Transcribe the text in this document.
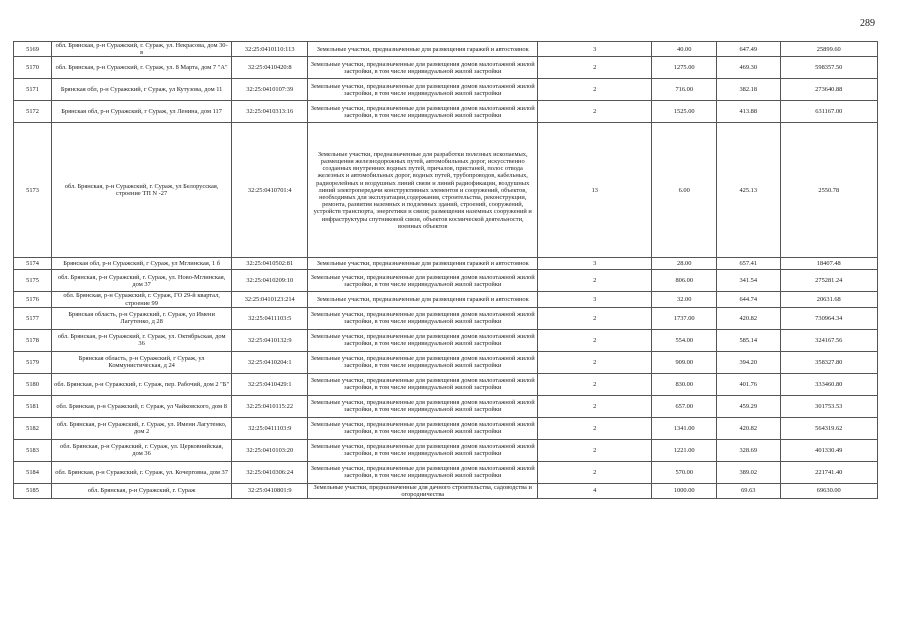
289
5169	обл. Брянская, р-н Суражский, г. Сураж, ул. Некрасова, дом 30-в	32:25:0410110:113	Земельные участки, предназначенные для размещения гаражей и автостоянок	3	40.00	647.49	25899.60
5170	обл. Брянская, р-н Суражский, г. Сураж, ул. 8 Марта, дом 7 "А"	32:25:0410420:8	Земельные участки, предназначенные для размещения домов малоэтажной жилой застройки, в том числе индивидуальной жилой застройки	2	1275.00	469.30	598357.50
5171	Брянская обл, р-н Суражский, г Сураж, ул Кутузова, дом 11	32:25:0410107:39	Земельные участки, предназначенные для размещения домов малоэтажной жилой застройки, в том числе индивидуальной жилой застройки	2	716.00	382.18	273640.88
5172	Брянская обл, р-н Суражский, г Сураж, ул Ленина, дом 117	32:25:0410313:16	Земельные участки, предназначенные для размещения домов малоэтажной жилой застройки, в том числе индивидуальной жилой застройки	2	1525.00	413.88	631167.00
5173	обл. Брянская, р-н Суражский, г. Сураж, ул Белорусская, строение ТП N -27	32:25:0410701:4	Земельные участки, предназначенные для разработки полезных ископаемых, размещения железнодорожных путей, автомобильных дорог, искусственно созданных внутренних водных путей, причалов, пристаней, полос отвода железных и автомобильных дорог, водных путей, трубопроводов, кабельных, радиорелейных и воздушных линий связи и линий радиофикации, воздушных линий электропередачи конструктивных элементов и сооружений, объектов, необходимых для эксплуатации,содержания, строительства, реконструкции, ремонта, развития наземных и подземных зданий, строений, сооружений, устройств транспорта, энергетики и связи; размещения наземных сооружений и инфраструктуры спутниковой связи, объектов космической деятельности, военных объектов	13	6.00	425.13	2550.78
5174	Брянская обл, р-н Суражский, г Сураж, ул Мглинская, 1 б	32:25:0410502:81	Земельные участки, предназначенные для размещения гаражей и автостоянок	3	28.00	657.41	18407.48
5175	обл. Брянская, р-н Суражский, г. Сураж, ул. Ново-Мглинская, дом 37	32:25:0410209:10	Земельные участки, предназначенные для размещения домов малоэтажной жилой застройки, в том числе индивидуальной жилой застройки	2	806.00	341.54	275281.24
5176	обл. Брянская, р-н Суражский, г. Сураж, ГО 29-й квартал, строение 99	32:25:0410123:214	Земельные участки, предназначенные для размещения гаражей и автостоянок	3	32.00	644.74	20631.68
5177	Брянская область, р-н Суражский, г. Сураж, ул Имени Лагутенко, д 28	32:25:0411103:5	Земельные участки, предназначенные для размещения домов малоэтажной жилой застройки, в том числе индивидуальной жилой застройки	2	1737.00	420.82	730964.34
5178	обл. Брянская, р-н Суражский, г. Сураж, ул. Октябрьская, дом 36	32:25:0410132:9	Земельные участки, предназначенные для размещения домов малоэтажной жилой застройки, в том числе индивидуальной жилой застройки	2	554.00	585.14	324167.56
5179	Брянская область, р-н Суражский, г Сураж, ул Коммунистическая, д 24	32:25:0410204:1	Земельные участки, предназначенные для размещения домов малоэтажной жилой застройки, в том числе индивидуальной жилой застройки	2	909.00	394.20	358327.80
5180	обл. Брянская, р-н Суражский, г. Сураж, пер. Рабочий, дом 2 "Б"	32:25:0410429:1	Земельные участки, предназначенные для размещения домов малоэтажной жилой застройки, в том числе индивидуальной жилой застройки	2	830.00	401.76	333460.80
5181	обл. Брянская, р-н Суражский, г. Сураж, ул Чайковского, дом 8	32:25:0410115:22	Земельные участки, предназначенные для размещения домов малоэтажной жилой застройки, в том числе индивидуальной жилой застройки	2	657.00	459.29	301753.53
5182	обл. Брянская, р-н Суражский, г. Сураж, ул. Имени Лагутенко, дом 2	32:25:0411103:9	Земельные участки, предназначенные для размещения домов малоэтажной жилой застройки, в том числе индивидуальной жилой застройки	2	1341.00	420.82	564319.62
5183	обл. Брянская, р-н Суражский, г. Сураж, ул. Церковнийская, дом 36	32:25:0410103:20	Земельные участки, предназначенные для размещения домов малоэтажной жилой застройки, в том числе индивидуальной жилой застройки	2	1221.00	328.69	401330.49
5184	обл. Брянская, р-н Суражский, г. Сураж, ул. Кочерговна, дом 37	32:25:0410306:24	Земельные участки, предназначенные для размещения домов малоэтажной жилой застройки, в том числе индивидуальной жилой застройки	2	570.00	389.02	221741.40
5185	обл. Брянская, р-н Суражский, г. Сураж	32:25:0410801:9	Земельные участки, предназначенные для дачного строительства, садоводства и огородничества	4	1000.00	69.63	69630.00
